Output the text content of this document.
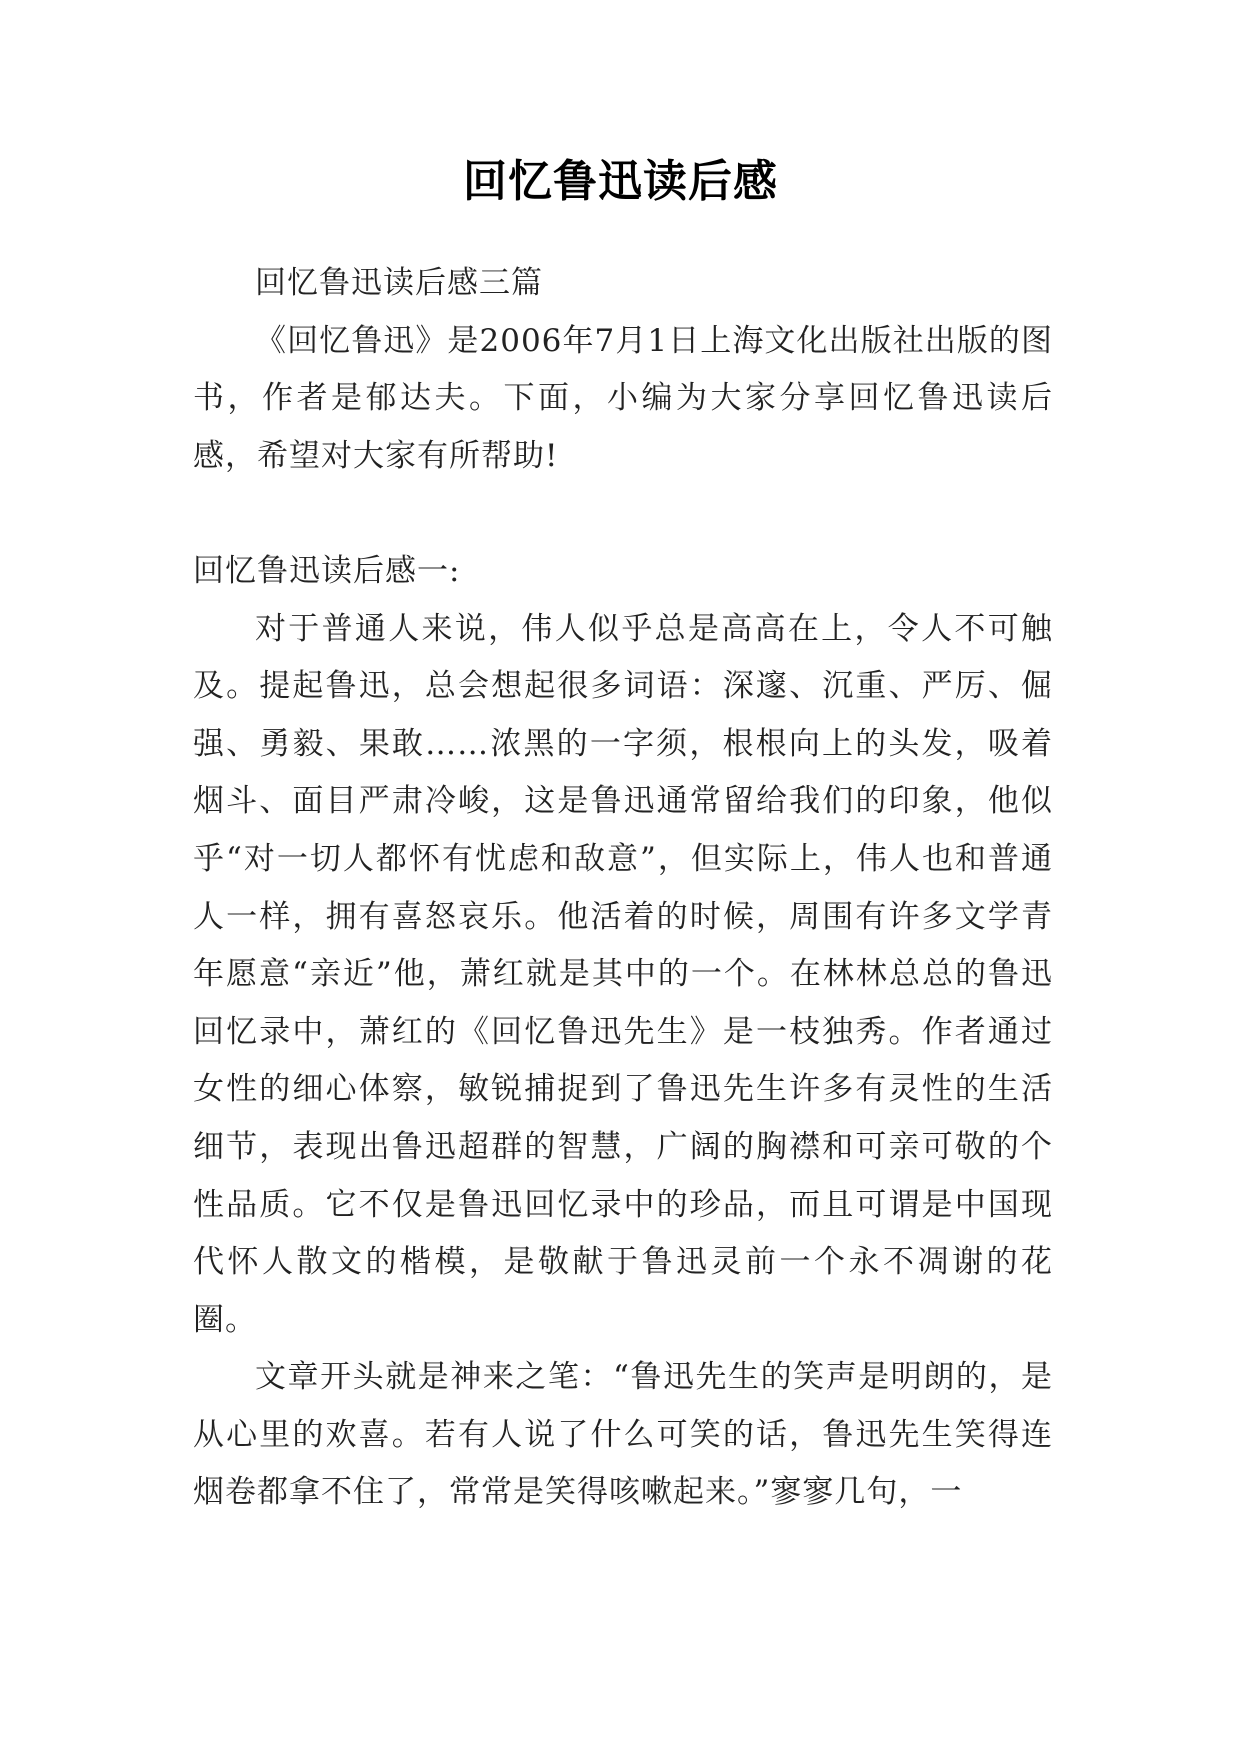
回忆鲁迅读后感

回忆鲁迅读后感三篇

《回忆鲁迅》是2006年7月1日上海文化出版社出版的图书，作者是郁达夫。下面，小编为大家分享回忆鲁迅读后感，希望对大家有所帮助!

回忆鲁迅读后感一:

对于普通人来说，伟人似乎总是高高在上，令人不可触及。提起鲁迅，总会想起很多词语：深邃、沉重、严厉、倔强、勇毅、果敢……浓黑的一字须，根根向上的头发，吸着烟斗、面目严肃冷峻，这是鲁迅通常留给我们的印象，他似乎“对一切人都怀有忧虑和敌意”，但实际上，伟人也和普通人一样，拥有喜怒哀乐。他活着的时候，周围有许多文学青年愿意“亲近”他，萧红就是其中的一个。在林林总总的鲁迅回忆录中，萧红的《回忆鲁迅先生》是一枝独秀。作者通过女性的细心体察，敏锐捕捉到了鲁迅先生许多有灵性的生活细节，表现出鲁迅超群的智慧，广阔的胸襟和可亲可敬的个性品质。它不仅是鲁迅回忆录中的珍品，而且可谓是中国现代怀人散文的楷模，是敬献于鲁迅灵前一个永不凋谢的花圈。

文章开头就是神来之笔：“鲁迅先生的笑声是明朗的，是从心里的欢喜。若有人说了什么可笑的话，鲁迅先生笑得连烟卷都拿不住了，常常是笑得咳嗽起来。”寥寥几句，一
